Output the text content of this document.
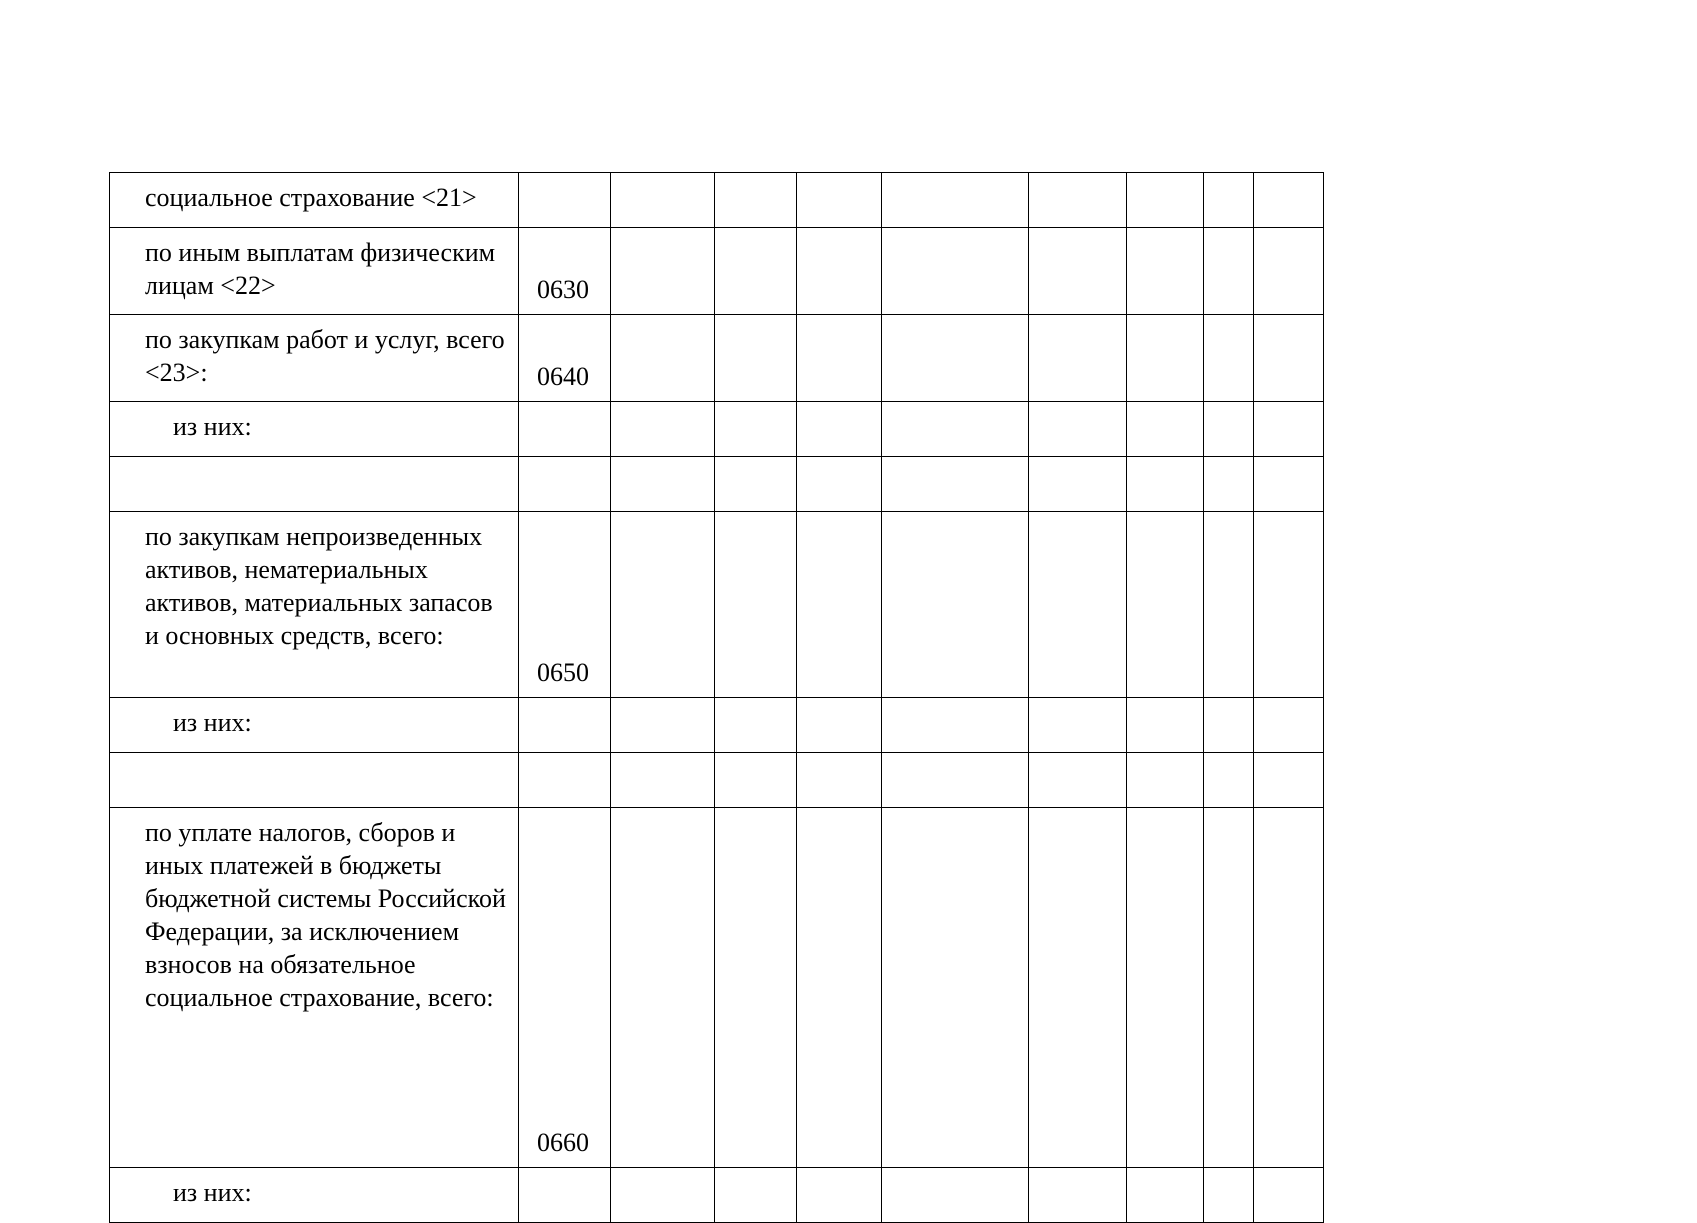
социальное страхование <21>									
по иным выплатам физическим лицам <22>	0630								
по закупкам работ и услуг, всего <23>:	0640								
из них:									

по закупкам непроизведенных активов, нематериальных активов, материальных запасов и основных средств, всего:	0650								
из них:									

по уплате налогов, сборов и иных платежей в бюджеты бюджетной системы Российской Федерации, за исключением взносов на обязательное социальное страхование, всего:	0660								
из них:									
